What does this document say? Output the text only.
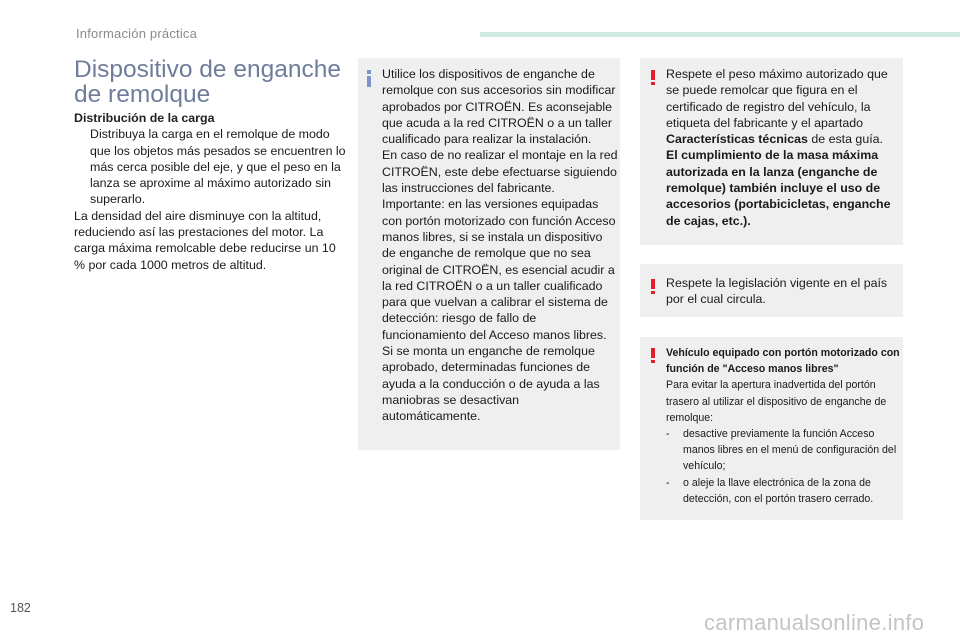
Información práctica
Dispositivo de enganche de remolque
Distribución de la carga
Distribuya la carga en el remolque de modo que los objetos más pesados se encuentren lo más cerca posible del eje, y que el peso en la lanza se aproxime al máximo autorizado sin superarlo.
La densidad del aire disminuye con la altitud, reduciendo así las prestaciones del motor. La carga máxima remolcable debe reducirse un 10 % por cada 1000 metros de altitud.
Utilice los dispositivos de enganche de remolque con sus accesorios sin modificar aprobados por CITROËN. Es aconsejable que acuda a la red CITROËN o a un taller cualificado para realizar la instalación.
En caso de no realizar el montaje en la red CITROËN, este debe efectuarse siguiendo las instrucciones del fabricante.
Importante: en las versiones equipadas con portón motorizado con función Acceso manos libres, si se instala un dispositivo de enganche de remolque que no sea original de CITROËN, es esencial acudir a la red CITROËN o a un taller cualificado para que vuelvan a calibrar el sistema de detección: riesgo de fallo de funcionamiento del Acceso manos libres.
Si se monta un enganche de remolque aprobado, determinadas funciones de ayuda a la conducción o de ayuda a las maniobras se desactivan automáticamente.
Respete el peso máximo autorizado que se puede remolcar que figura en el certificado de registro del vehículo, la etiqueta del fabricante y el apartado Características técnicas de esta guía.
El cumplimiento de la masa máxima autorizada en la lanza (enganche de remolque) también incluye el uso de accesorios (portabicicletas, enganche de cajas, etc.).
Respete la legislación vigente en el país por el cual circula.
Vehículo equipado con portón motorizado con función de "Acceso manos libres"
Para evitar la apertura inadvertida del portón trasero al utilizar el dispositivo de enganche de remolque:
- desactive previamente la función Acceso manos libres en el menú de configuración del vehículo;
- o aleje la llave electrónica de la zona de detección, con el portón trasero cerrado.
182
carmanualsonline.info
